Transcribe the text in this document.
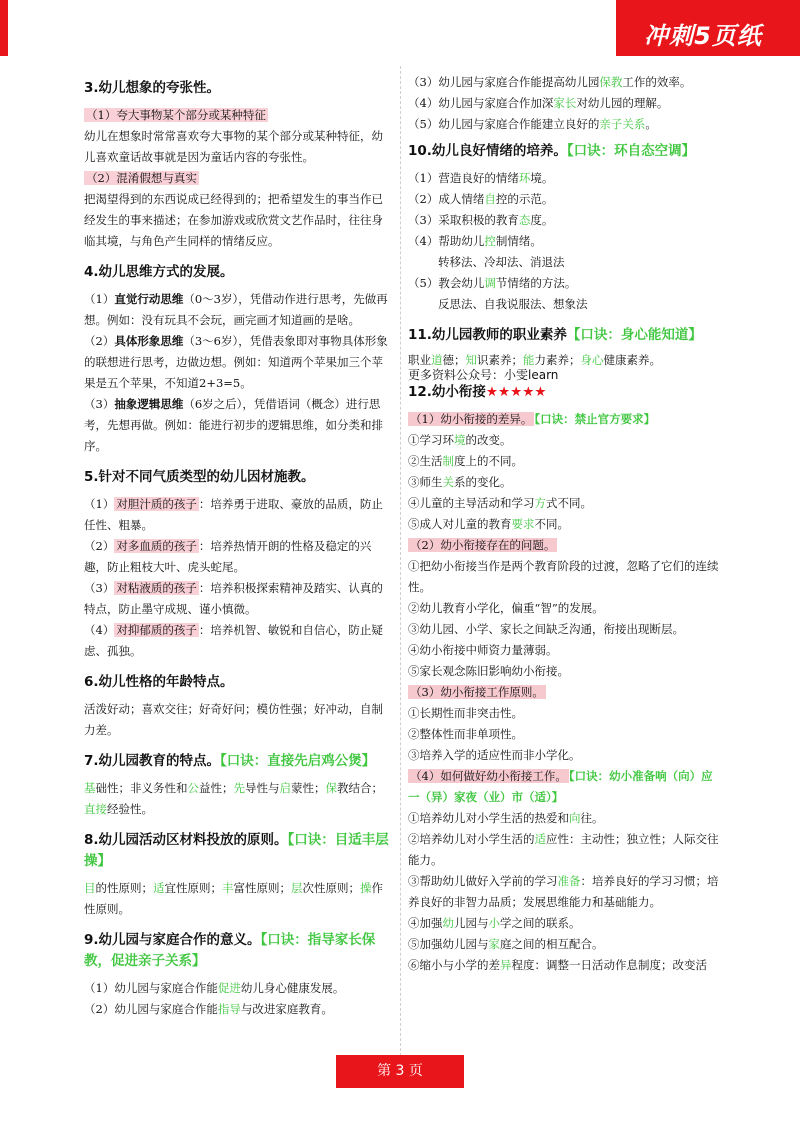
冲刺5页纸
3.幼儿想象的夸张性。

（1）夸大事物某个部分或某种特征

幼儿在想象时常常喜欢夸大事物的某个部分或某种特征，幼儿喜欢童话故事就是因为童话内容的夸张性。

（2）混淆假想与真实

把渴望得到的东西说成已经得到的；把希望发生的事当作已经发生的事来描述；在参加游戏或欣赏文艺作品时，往往身临其境，与角色产生同样的情绪反应。

4.幼儿思维方式的发展。

（1）直觉行动思维（0～3岁），凭借动作进行思考，先做再想。例如：没有玩具不会玩，画完画才知道画的是啥。

（2）具体形象思维（3～6岁），凭借表象即对事物具体形象的联想进行思考，边做边想。例如：知道两个苹果加三个苹果是五个苹果，不知道2+3=5。

（3）抽象逻辑思维（6岁之后），凭借语词（概念）进行思考，先想再做。例如：能进行初步的逻辑思维，如分类和排序。

5.针对不同气质类型的幼儿因材施教。

（1） 对胆汁质的孩子 ：培养勇于进取、豪放的品质，防止任性、粗暴。

（2） 对多血质的孩子 ：培养热情开朗的性格及稳定的兴趣，防止粗枝大叶、虎头蛇尾。

（3） 对粘液质的孩子 ：培养积极探索精神及踏实、认真的特点，防止墨守成规、谨小慎微。

（4） 对抑郁质的孩子 ：培养机智、敏锐和自信心，防止疑虑、孤独。

6.幼儿性格的年龄特点。

活泼好动；喜欢交往；好奇好问；模仿性强；好冲动，自制力差。

7.幼儿园教育的特点。【口诀：直接先启鸡公煲】

基础性；非义务性和公益性；先导性与启蒙性；保教结合；直接经验性。

8.幼儿园活动区材料投放的原则。【口诀：目适丰层操】

目的性原则；适宜性原则；丰富性原则；层次性原则；操作性原则。

9.幼儿园与家庭合作的意义。【口诀：指导家长保教，促进亲子关系】

（1）幼儿园与家庭合作能促进幼儿身心健康发展。

（2）幼儿园与家庭合作能指导与改进家庭教育。

（3）幼儿园与家庭合作能提高幼儿园保教工作的效率。

（4）幼儿园与家庭合作加深家长对幼儿园的理解。

（5）幼儿园与家庭合作能建立良好的亲子关系。

10.幼儿良好情绪的培养。【口诀：环自态空调】

（1）营造良好的情绪环境。

（2）成人情绪自控的示范。

（3）采取积极的教育态度。

（4）帮助幼儿控制情绪。

转移法、冷却法、消退法

（5）教会幼儿调节情绪的方法。

反思法、自我说服法、想象法

11.幼儿园教师的职业素养【口诀：身心能知道】

职业道德；知识素养；能力素养；身心健康素养。

更多资料公众号：小雯learn

12.幼小衔接★★★★★

（1）幼小衔接的差异。 【口诀：禁止官方要求】

①学习环境的改变。

②生活制度上的不同。

③师生关系的变化。

④儿童的主导活动和学习方式不同。

⑤成人对儿童的教育要求不同。

（2）幼小衔接存在的问题。

①把幼小衔接当作是两个教育阶段的过渡，忽略了它们的连续性。

②幼儿教育小学化，偏重“智”的发展。

③幼儿园、小学、家长之间缺乏沟通，衔接出现断层。

④幼小衔接中师资力量薄弱。

⑤家长观念陈旧影响幼小衔接。

（3）幼小衔接工作原则。

①长期性而非突击性。

②整体性而非单项性。

③培养入学的适应性而非小学化。

（4）如何做好幼小衔接工作。 【口诀：幼小准备响（向）应一（异）家夜（业）市（适）】

①培养幼儿对小学生活的热爱和向往。

②培养幼儿对小学生活的适应性：主动性；独立性；人际交往能力。

③帮助幼儿做好入学前的学习准备：培养良好的学习习惯；培养良好的非智力品质；发展思维能力和基础能力。

④加强幼儿园与小学之间的联系。

⑤加强幼儿园与家庭之间的相互配合。

⑥缩小与小学的差异程度：调整一日活动作息制度；改变活

第 3 页
